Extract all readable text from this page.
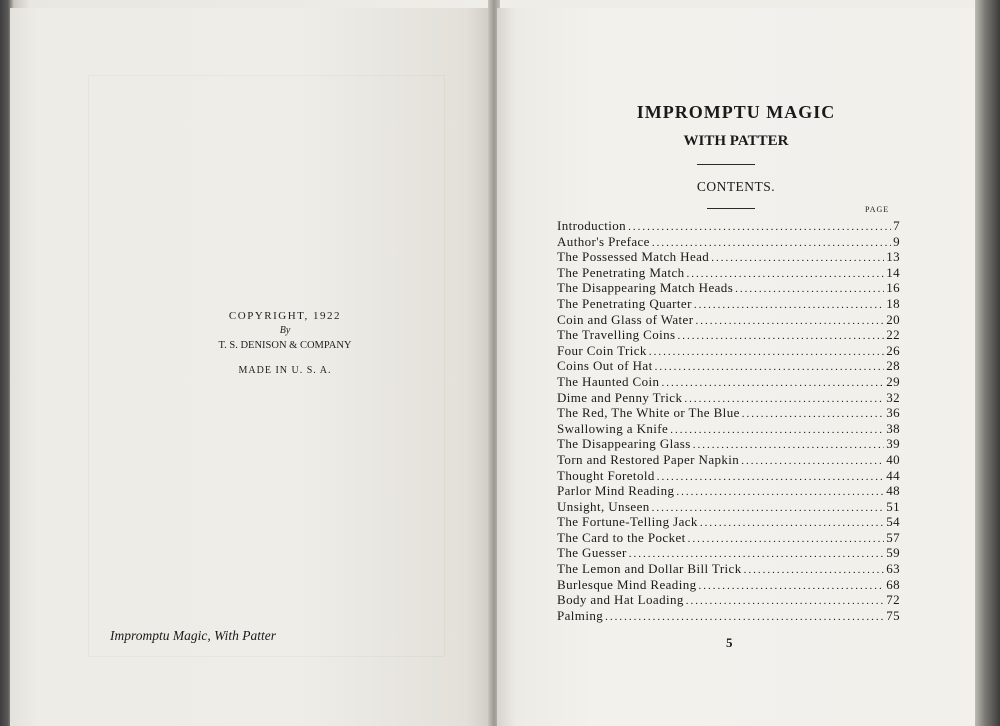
COPYRIGHT, 1922
By
T. S. DENISON & COMPANY
MADE IN U. S. A.
Impromptu Magic, With Patter
IMPROMPTU MAGIC
WITH PATTER
CONTENTS.
PAGE
Introduction .....	7
Author's Preface .....	9
The Possessed Match Head .....	13
The Penetrating Match .....	14
The Disappearing Match Heads .....	16
The Penetrating Quarter .....	18
Coin and Glass of Water .....	20
The Travelling Coins .....	22
Four Coin Trick .....	26
Coins Out of Hat .....	28
The Haunted Coin .....	29
Dime and Penny Trick .....	32
The Red, The White or The Blue .....	36
Swallowing a Knife .....	38
The Disappearing Glass .....	39
Torn and Restored Paper Napkin .....	40
Thought Foretold .....	44
Parlor Mind Reading .....	48
Unsight, Unseen .....	51
The Fortune-Telling Jack .....	54
The Card to the Pocket .....	57
The Guesser .....	59
The Lemon and Dollar Bill Trick .....	63
Burlesque Mind Reading .....	68
Body and Hat Loading .....	72
Palming .....	75
5
